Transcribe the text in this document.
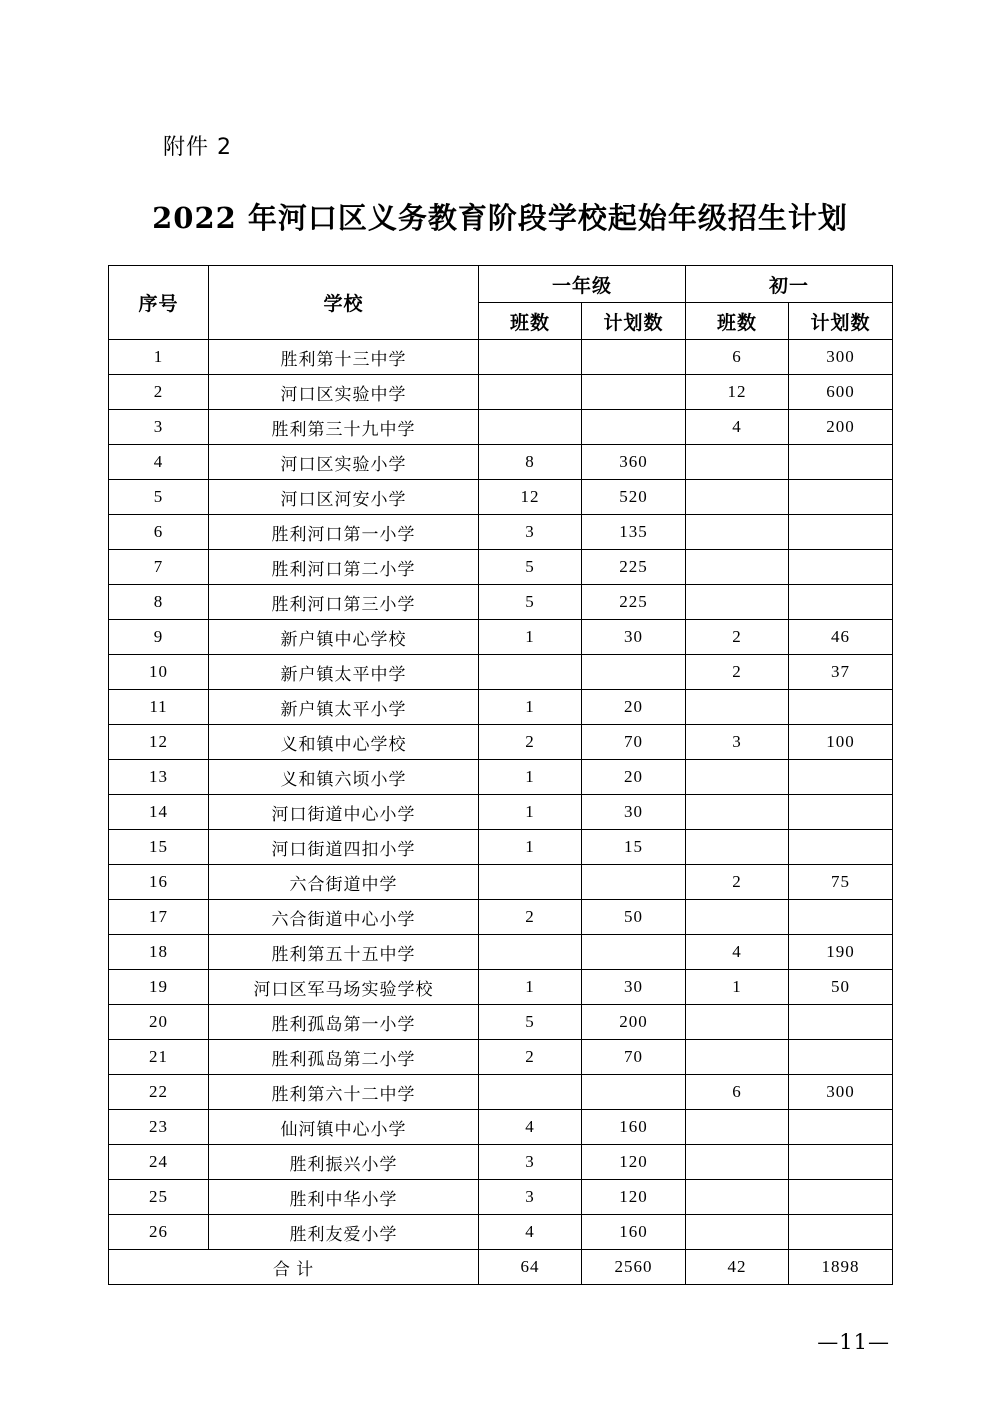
附件 2
2022 年河口区义务教育阶段学校起始年级招生计划
序号	学校	一年级		初一	
		班数	计划数	班数	计划数
1	胜利第十三中学			6	300
2	河口区实验中学			12	600
3	胜利第三十九中学			4	200
4	河口区实验小学	8	360		
5	河口区河安小学	12	520		
6	胜利河口第一小学	3	135		
7	胜利河口第二小学	5	225		
8	胜利河口第三小学	5	225		
9	新户镇中心学校	1	30	2	46
10	新户镇太平中学			2	37
11	新户镇太平小学	1	20		
12	义和镇中心学校	2	70	3	100
13	义和镇六顷小学	1	20		
14	河口街道中心小学	1	30		
15	河口街道四扣小学	1	15		
16	六合街道中学			2	75
17	六合街道中心小学	2	50		
18	胜利第五十五中学			4	190
19	河口区军马场实验学校	1	30	1	50
20	胜利孤岛第一小学	5	200		
21	胜利孤岛第二小学	2	70		
22	胜利第六十二中学			6	300
23	仙河镇中心小学	4	160		
24	胜利振兴小学	3	120		
25	胜利中华小学	3	120		
26	胜利友爱小学	4	160		
合 计		64	2560	42	1898
—11—
